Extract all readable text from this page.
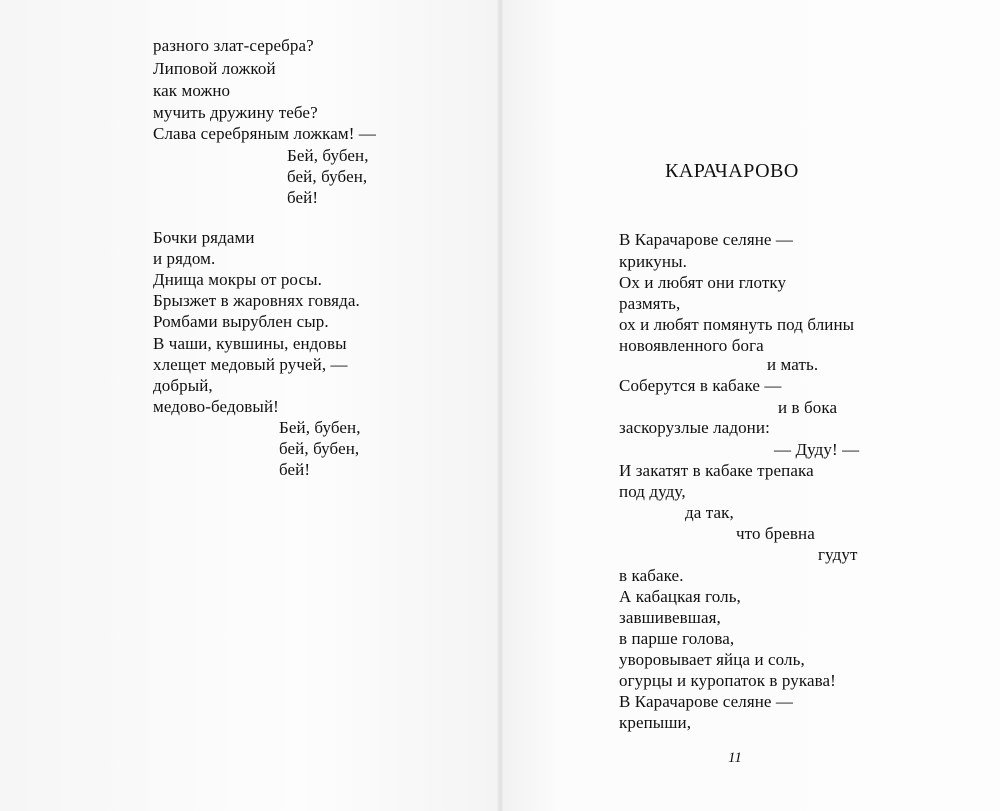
разного злат-серебра?
Липовой ложкой
как можно
мучить дружину тебе?
Слава серебряным ложкам! —
Бей, бубен,
бей, бубен,
бей!
Бочки рядами
и рядом.
Днища мокры от росы.
Брызжет в жаровнях говяда.
Ромбами вырублен сыр.
В чаши, кувшины, ендовы
хлещет медовый ручей, —
добрый,
медово-бедовый!
Бей, бубен,
бей, бубен,
бей!
КАРАЧАРОВО
В Карачарове селяне —
крикуны.
Ох и любят они глотку
размять,
ох и любят помянуть под блины
новоявленного бога
и мать.
Соберутся в кабаке —
и в бока
заскорузлые ладони:
— Дуду! —
И закатят в кабаке трепака
под дуду,
да так,
что бревна
гудут
в кабаке.
А кабацкая голь,
завшивевшая,
в парше голова,
уворовывает яйца и соль,
огурцы и куропаток в рукава!
В Карачарове селяне —
крепыши,
11
